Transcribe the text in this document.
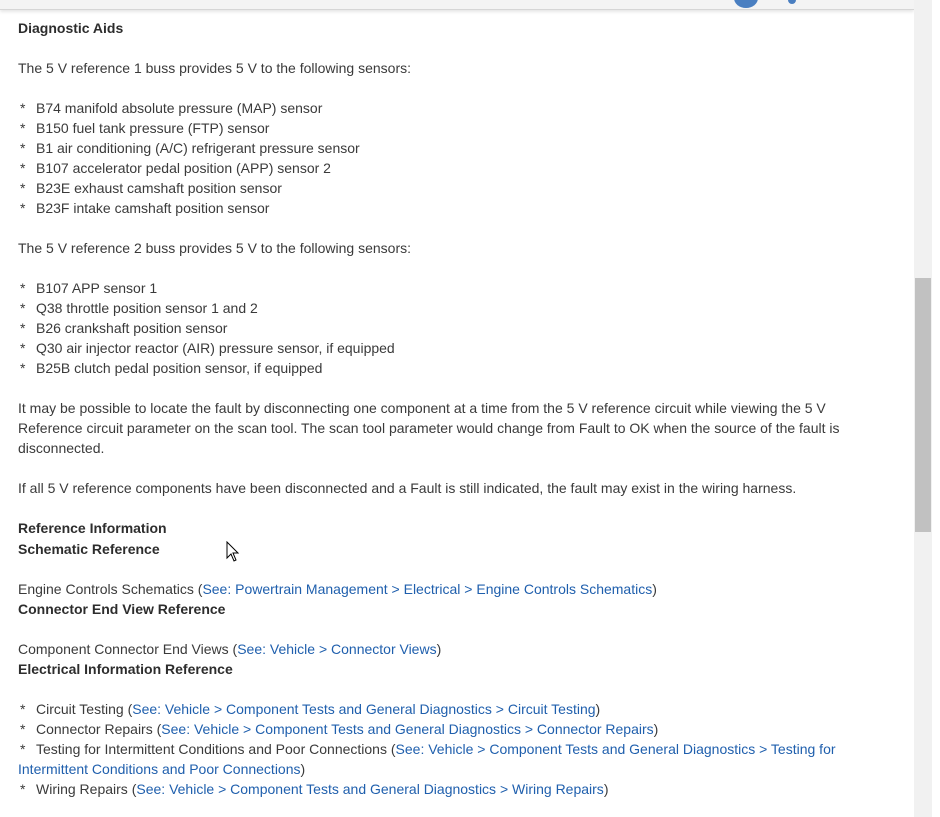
Diagnostic Aids

The 5 V reference 1 buss provides 5 V to the following sensors:

* B74 manifold absolute pressure (MAP) sensor
* B150 fuel tank pressure (FTP) sensor
* B1 air conditioning (A/C) refrigerant pressure sensor
* B107 accelerator pedal position (APP) sensor 2
* B23E exhaust camshaft position sensor
* B23F intake camshaft position sensor

The 5 V reference 2 buss provides 5 V to the following sensors:

* B107 APP sensor 1
* Q38 throttle position sensor 1 and 2
* B26 crankshaft position sensor
* Q30 air injector reactor (AIR) pressure sensor, if equipped
* B25B clutch pedal position sensor, if equipped

It may be possible to locate the fault by disconnecting one component at a time from the 5 V reference circuit while viewing the 5 V Reference circuit parameter on the scan tool. The scan tool parameter would change from Fault to OK when the source of the fault is disconnected.

If all 5 V reference components have been disconnected and a Fault is still indicated, the fault may exist in the wiring harness.

Reference Information

Schematic Reference

Engine Controls Schematics (See: Powertrain Management > Electrical > Engine Controls Schematics)

Connector End View Reference

Component Connector End Views (See: Vehicle > Connector Views)

Electrical Information Reference

* Circuit Testing (See: Vehicle > Component Tests and General Diagnostics > Circuit Testing)
* Connector Repairs (See: Vehicle > Component Tests and General Diagnostics > Connector Repairs)
* Testing for Intermittent Conditions and Poor Connections (See: Vehicle > Component Tests and General Diagnostics > Testing for Intermittent Conditions and Poor Connections)
* Wiring Repairs (See: Vehicle > Component Tests and General Diagnostics > Wiring Repairs)
